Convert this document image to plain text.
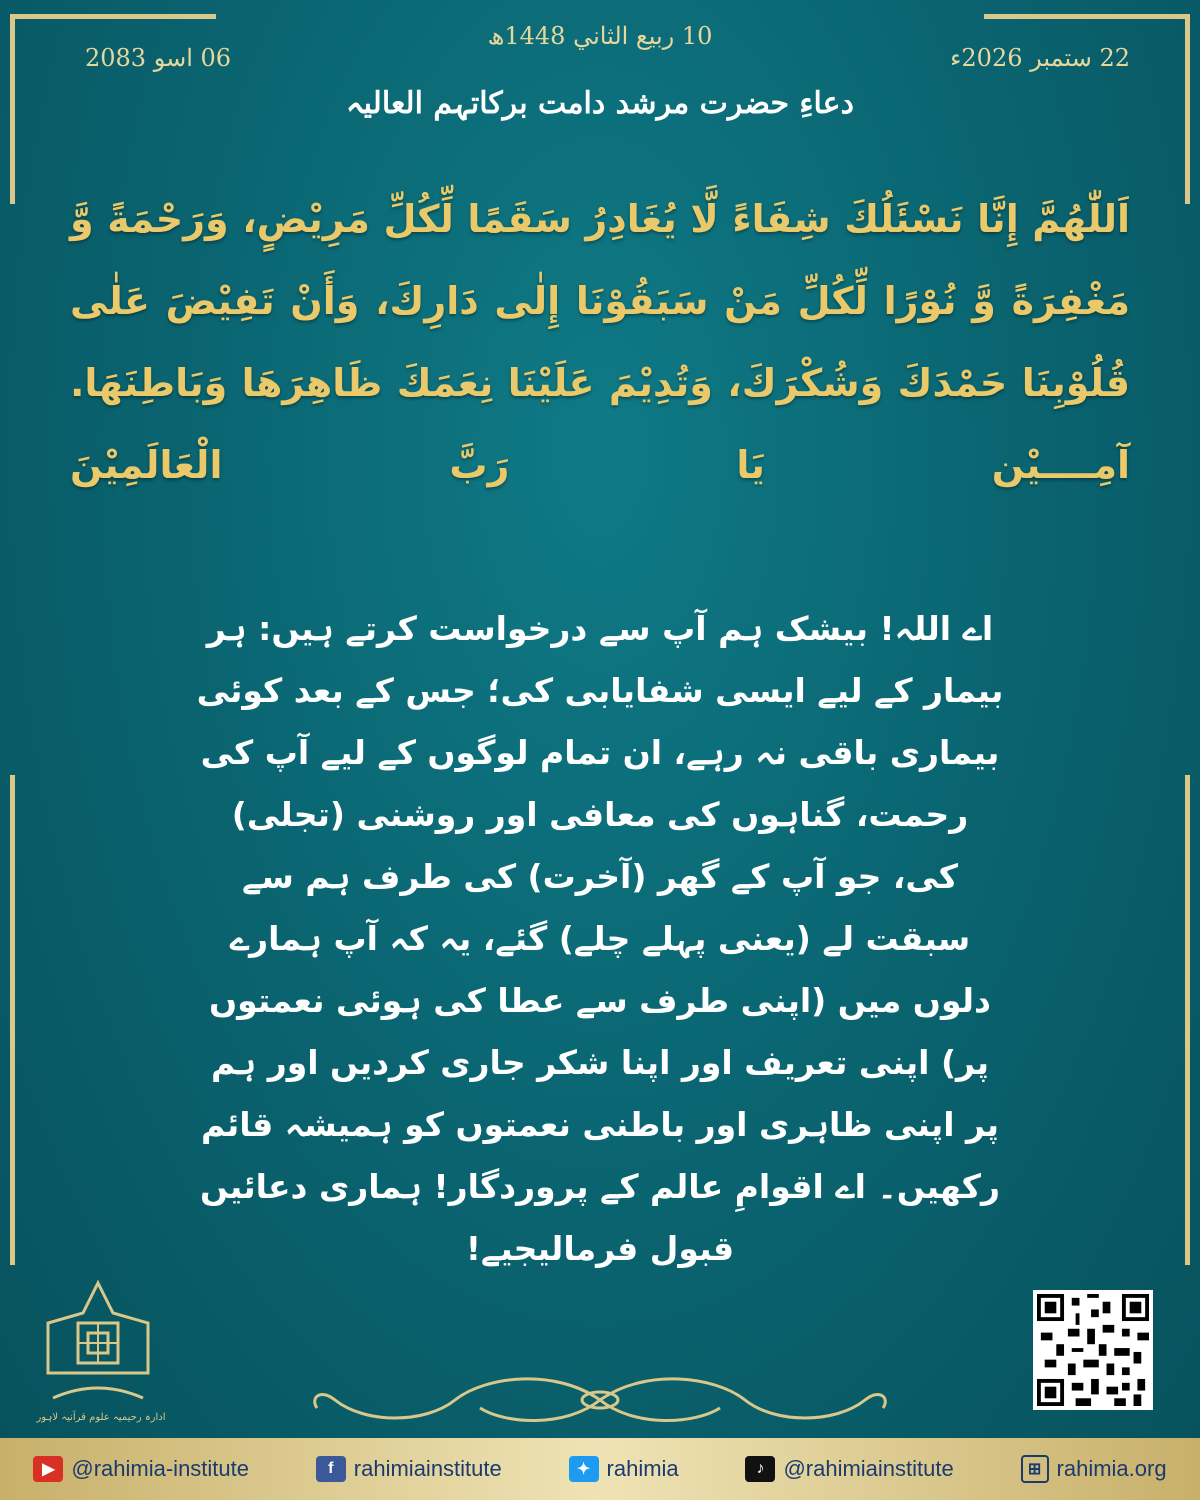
10 ربیع الثاني 1448ھ
22 ستمبر 2026ء
06 اسو 2083
دعاءِ حضرت مرشد دامت برکاتہم العالیہ
اَللّٰھُمَّ إِنَّا نَسْئَلُكَ شِفَاءً لَّا يُغَادِرُ سَقَمًا لِّكُلِّ مَرِيْضٍ، وَرَحْمَةً وَّ مَغْفِرَةً وَّ نُوْرًا لِّكُلِّ مَنْ سَبَقُوْنَا إِلٰى دَارِكَ، وَأَنْ تَفِيْضَ عَلٰى قُلُوْبِنَا حَمْدَكَ وَشُكْرَكَ، وَتُدِيْمَ عَلَيْنَا نِعَمَكَ ظَاهِرَهَا وَبَاطِنَهَا. آمِــــيْن يَا رَبَّ الْعَالَمِيْنَ
اے اللہ! بیشک ہم آپ سے درخواست کرتے ہیں: ہر بیمار کے لیے ایسی شفایابی کی؛ جس کے بعد کوئی بیماری باقی نہ رہے، ان تمام لوگوں کے لیے آپ کی رحمت، گناہوں کی معافی اور روشنی (تجلی) کی، جو آپ کے گھر (آخرت) کی طرف ہم سے سبقت لے (یعنی پہلے چلے) گئے، یہ کہ آپ ہمارے دلوں میں (اپنی طرف سے عطا کی ہوئی نعمتوں پر) اپنی تعریف اور اپنا شکر جاری کردیں اور ہم پر اپنی ظاہری اور باطنی نعمتوں کو ہمیشہ قائم رکھیں۔ اے اقوامِ عالم کے پروردگار! ہماری دعائیں قبول فرمالیجیے!
ادارہ رحیمیہ علوم قرآنیہ لاہور
▶ @rahimia-institute	f rahimiainstitute	✦ rahimia	♪ @rahimiainstitute	⊞ rahimia.org
